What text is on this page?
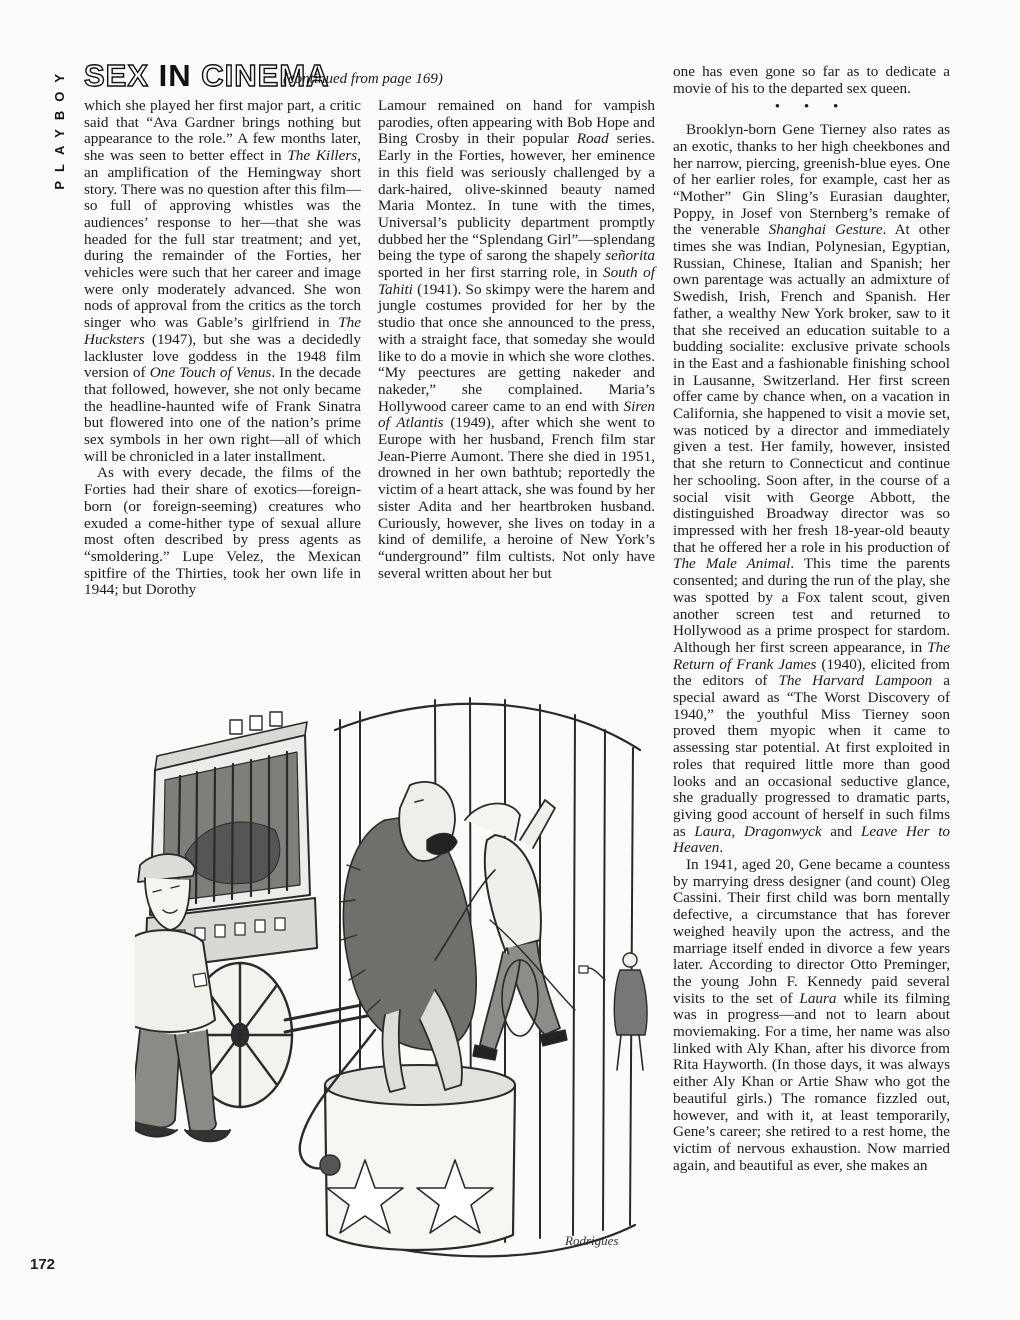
PLAYBOY SEX IN CINEMA
(continued from page 169)

which she played her first major part, a critic said that “Ava Gardner brings nothing but appearance to the role.” A few months later, she was seen to better effect in The Killers, an amplification of the Hemingway short story. There was no question after this film—so full of approving whistles was the audiences’ response to her—that she was headed for the full star treatment; and yet, during the remainder of the Forties, her vehicles were such that her career and image were only moderately advanced. She won nods of approval from the critics as the torch singer who was Gable’s girlfriend in The Hucksters (1947), but she was a decidedly lackluster love goddess in the 1948 film version of One Touch of Venus. In the decade that followed, however, she not only became the headline-haunted wife of Frank Sinatra but flowered into one of the nation’s prime sex symbols in her own right—all of which will be chronicled in a later installment.

As with every decade, the films of the Forties had their share of exotics—foreign-born (or foreign-seeming) creatures who exuded a come-hither type of sexual allure most often described by press agents as “smoldering.” Lupe Velez, the Mexican spitfire of the Thirties, took her own life in 1944; but Dorothy

Lamour remained on hand for vampish parodies, often appearing with Bob Hope and Bing Crosby in their popular Road series. Early in the Forties, however, her eminence in this field was seriously challenged by a dark-haired, olive-skinned beauty named Maria Montez. In tune with the times, Universal’s publicity department promptly dubbed her the “Splendang Girl”—splendang being the type of sarong the shapely señorita sported in her first starring role, in South of Tahiti (1941). So skimpy were the harem and jungle costumes provided for her by the studio that once she announced to the press, with a straight face, that someday she would like to do a movie in which she wore clothes. “My peectures are getting nakeder and nakeder,” she complained. Maria’s Hollywood career came to an end with Siren of Atlantis (1949), after which she went to Europe with her husband, French film star Jean-Pierre Aumont. There she died in 1951, drowned in her own bathtub; reportedly the victim of a heart attack, she was found by her sister Adita and her heartbroken husband. Curiously, however, she lives on today in a kind of demilife, a heroine of New York’s “underground” film cultists. Not only have several written about her but

one has even gone so far as to dedicate a movie of his to the departed sex queen.

• • •

Brooklyn-born Gene Tierney also rates as an exotic, thanks to her high cheekbones and her narrow, piercing, greenish-blue eyes. One of her earlier roles, for example, cast her as “Mother” Gin Sling’s Eurasian daughter, Poppy, in Josef von Sternberg’s remake of the venerable Shanghai Gesture. At other times she was Indian, Polynesian, Egyptian, Russian, Chinese, Italian and Spanish; her own parentage was actually an admixture of Swedish, Irish, French and Spanish. Her father, a wealthy New York broker, saw to it that she received an education suitable to a budding socialite: exclusive private schools in the East and a fashionable finishing school in Lausanne, Switzerland. Her first screen offer came by chance when, on a vacation in California, she happened to visit a movie set, was noticed by a director and immediately given a test. Her family, however, insisted that she return to Connecticut and continue her schooling. Soon after, in the course of a social visit with George Abbott, the distinguished Broadway director was so impressed with her fresh 18-year-old beauty that he offered her a role in his production of The Male Animal. This time the parents consented; and during the run of the play, she was spotted by a Fox talent scout, given another screen test and returned to Hollywood as a prime prospect for stardom. Although her first screen appearance, in The Return of Frank James (1940), elicited from the editors of The Harvard Lampoon a special award as “The Worst Discovery of 1940,” the youthful Miss Tierney soon proved them myopic when it came to assessing star potential. At first exploited in roles that required little more than good looks and an occasional seductive glance, she gradually progressed to dramatic parts, giving good account of herself in such films as Laura, Dragonwyck and Leave Her to Heaven.

In 1941, aged 20, Gene became a countess by marrying dress designer (and count) Oleg Cassini. Their first child was born mentally defective, a circumstance that has forever weighed heavily upon the actress, and the marriage itself ended in divorce a few years later. According to director Otto Preminger, the young John F. Kennedy paid several visits to the set of Laura while its filming was in progress—and not to learn about moviemaking. For a time, her name was also linked with Aly Khan, after his divorce from Rita Hayworth. (In those days, it was always either Aly Khan or Artie Shaw who got the beautiful girls.) The romance fizzled out, however, and with it, at least temporarily, Gene’s career; she retired to a rest home, the victim of nervous exhaustion. Now married again, and beautiful as ever, she makes an

Rodrigues
172
